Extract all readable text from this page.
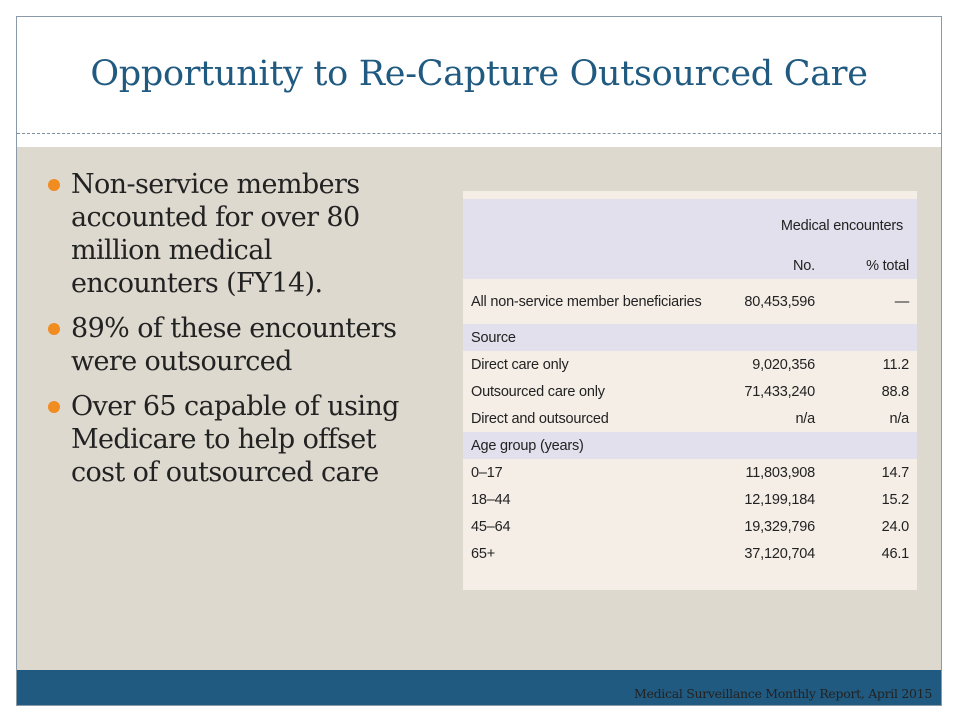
Opportunity to Re-Capture Outsourced Care
Non-service members accounted for over 80 million medical encounters (FY14).
89% of these encounters were outsourced
Over 65 capable of using Medicare to help offset cost of outsourced care
	Medical encounters	
	No.	% total
All non-service member beneficiaries	80,453,596	—
Source		
Direct care only	9,020,356	11.2
Outsourced care only	71,433,240	88.8
Direct and outsourced	n/a	n/a
Age group (years)		
0–17	11,803,908	14.7
18–44	12,199,184	15.2
45–64	19,329,796	24.0
65+	37,120,704	46.1
Medical Surveillance Monthly Report, April 2015
